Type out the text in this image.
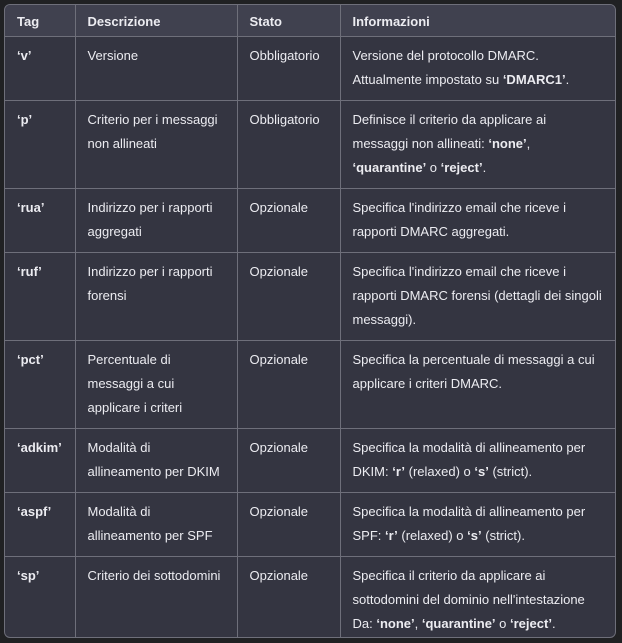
Tag	Descrizione	Stato	Informazioni
‘v’	Versione	Obbligatorio	Versione del protocollo DMARC. Attualmente impostato su ‘DMARC1’.
‘p’	Criterio per i messaggi non allineati	Obbligatorio	Definisce il criterio da applicare ai messaggi non allineati: ‘none’, ‘quarantine’ o ‘reject’.
‘rua’	Indirizzo per i rapporti aggregati	Opzionale	Specifica l'indirizzo email che riceve i rapporti DMARC aggregati.
‘ruf’	Indirizzo per i rapporti forensi	Opzionale	Specifica l'indirizzo email che riceve i rapporti DMARC forensi (dettagli dei singoli messaggi).
‘pct’	Percentuale di messaggi a cui applicare i criteri	Opzionale	Specifica la percentuale di messaggi a cui applicare i criteri DMARC.
‘adkim’	Modalità di allineamento per DKIM	Opzionale	Specifica la modalità di allineamento per DKIM: ‘r’ (relaxed) o ‘s’ (strict).
‘aspf’	Modalità di allineamento per SPF	Opzionale	Specifica la modalità di allineamento per SPF: ‘r’ (relaxed) o ‘s’ (strict).
‘sp’	Criterio dei sottodomini	Opzionale	Specifica il criterio da applicare ai sottodomini del dominio nell'intestazione Da: ‘none’, ‘quarantine’ o ‘reject’.
